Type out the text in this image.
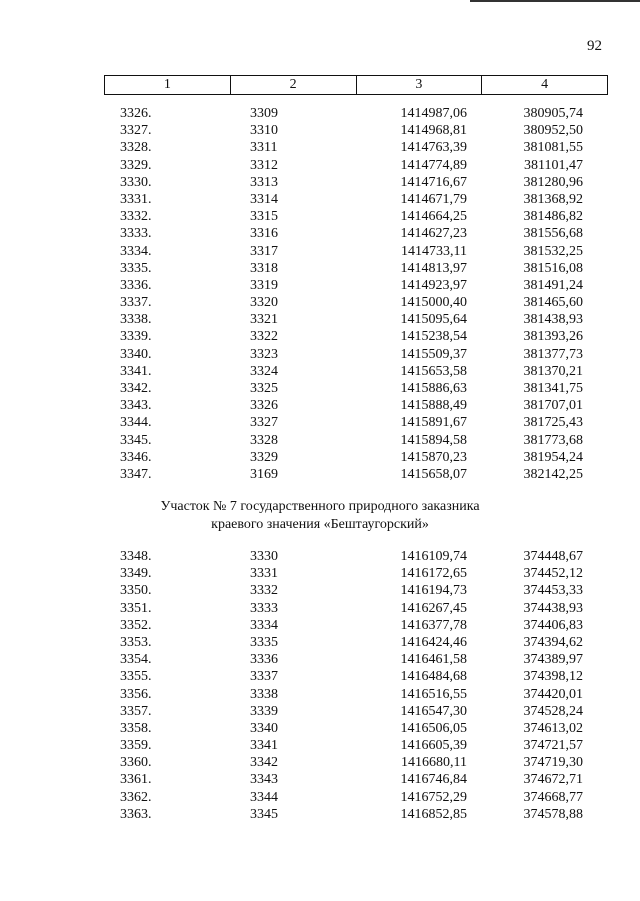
92
1	2	3	4
3326.	3309	1414987,06	380905,74
3327.	3310	1414968,81	380952,50
3328.	3311	1414763,39	381081,55
3329.	3312	1414774,89	381101,47
3330.	3313	1414716,67	381280,96
3331.	3314	1414671,79	381368,92
3332.	3315	1414664,25	381486,82
3333.	3316	1414627,23	381556,68
3334.	3317	1414733,11	381532,25
3335.	3318	1414813,97	381516,08
3336.	3319	1414923,97	381491,24
3337.	3320	1415000,40	381465,60
3338.	3321	1415095,64	381438,93
3339.	3322	1415238,54	381393,26
3340.	3323	1415509,37	381377,73
3341.	3324	1415653,58	381370,21
3342.	3325	1415886,63	381341,75
3343.	3326	1415888,49	381707,01
3344.	3327	1415891,67	381725,43
3345.	3328	1415894,58	381773,68
3346.	3329	1415870,23	381954,24
3347.	3169	1415658,07	382142,25
Участок № 7 государственного природного заказника
краевого значения «Бештаугорский»
3348.	3330	1416109,74	374448,67
3349.	3331	1416172,65	374452,12
3350.	3332	1416194,73	374453,33
3351.	3333	1416267,45	374438,93
3352.	3334	1416377,78	374406,83
3353.	3335	1416424,46	374394,62
3354.	3336	1416461,58	374389,97
3355.	3337	1416484,68	374398,12
3356.	3338	1416516,55	374420,01
3357.	3339	1416547,30	374528,24
3358.	3340	1416506,05	374613,02
3359.	3341	1416605,39	374721,57
3360.	3342	1416680,11	374719,30
3361.	3343	1416746,84	374672,71
3362.	3344	1416752,29	374668,77
3363.	3345	1416852,85	374578,88
